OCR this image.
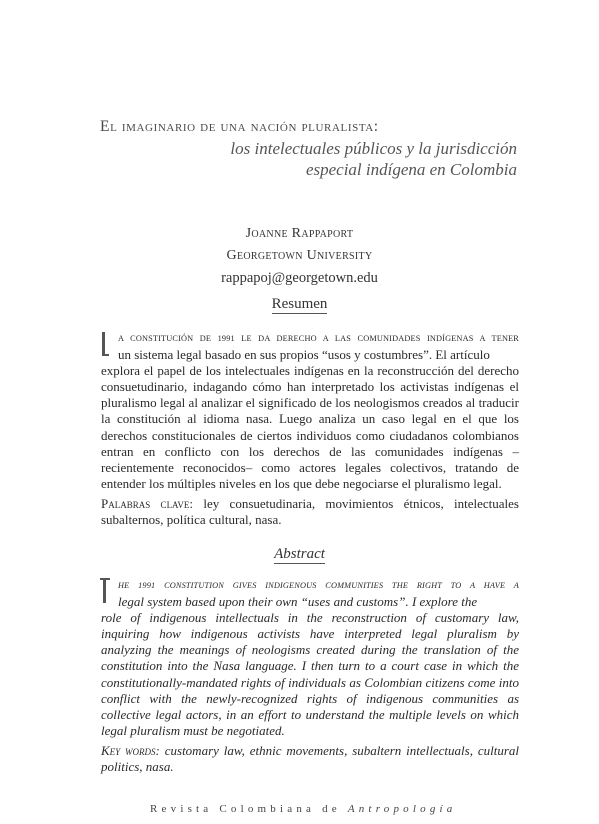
El imaginario de una nación pluralista:

los intelectuales públicos y la jurisdicción

especial indígena en Colombia

Joanne Rappaport
Georgetown University
rappapoj@georgetown.edu
Resumen
A CONSTITUCIÓN DE 1991 LE DA DERECHO A LAS COMUNIDADES INDÍGENAS A TENER
un sistema legal basado en sus propios “usos y costumbres”. El artículo
explora el papel de los intelectuales indígenas en la reconstrucción del derecho consuetudinario, indagando cómo han interpretado los activistas indígenas el pluralismo legal al analizar el significado de los neologismos creados al traducir la constitución al idioma nasa. Luego analiza un caso legal en el que los derechos constitucionales de ciertos individuos como ciudadanos colombianos entran en conflicto con los derechos de las comunidades indígenas –recientemente reconocidos– como actores legales colectivos, tratando de entender los múltiples niveles en los que debe negociarse el pluralismo legal.
Palabras clave: ley consuetudinaria, movimientos étnicos, intelectuales subalternos, política cultural, nasa.
Abstract
HE 1991 CONSTITUTION GIVES INDIGENOUS COMMUNITIES THE RIGHT TO A HAVE A
legal system based upon their own “uses and customs”. I explore the
role of indigenous intellectuals in the reconstruction of customary law, inquiring how indigenous activists have interpreted legal pluralism by analyzing the meanings of neologisms created during the translation of the constitution into the Nasa language. I then turn to a court case in which the constitutionally-mandated rights of individuals as Colombian citizens come into conflict with the newly-recognized rights of indigenous communities as collective legal actors, in an effort to understand the multiple levels on which legal pluralism must be negotiated.
Key words: customary law, ethnic movements, subaltern intellectuals, cultural politics, nasa.
Revista Colombiana de Antropología
